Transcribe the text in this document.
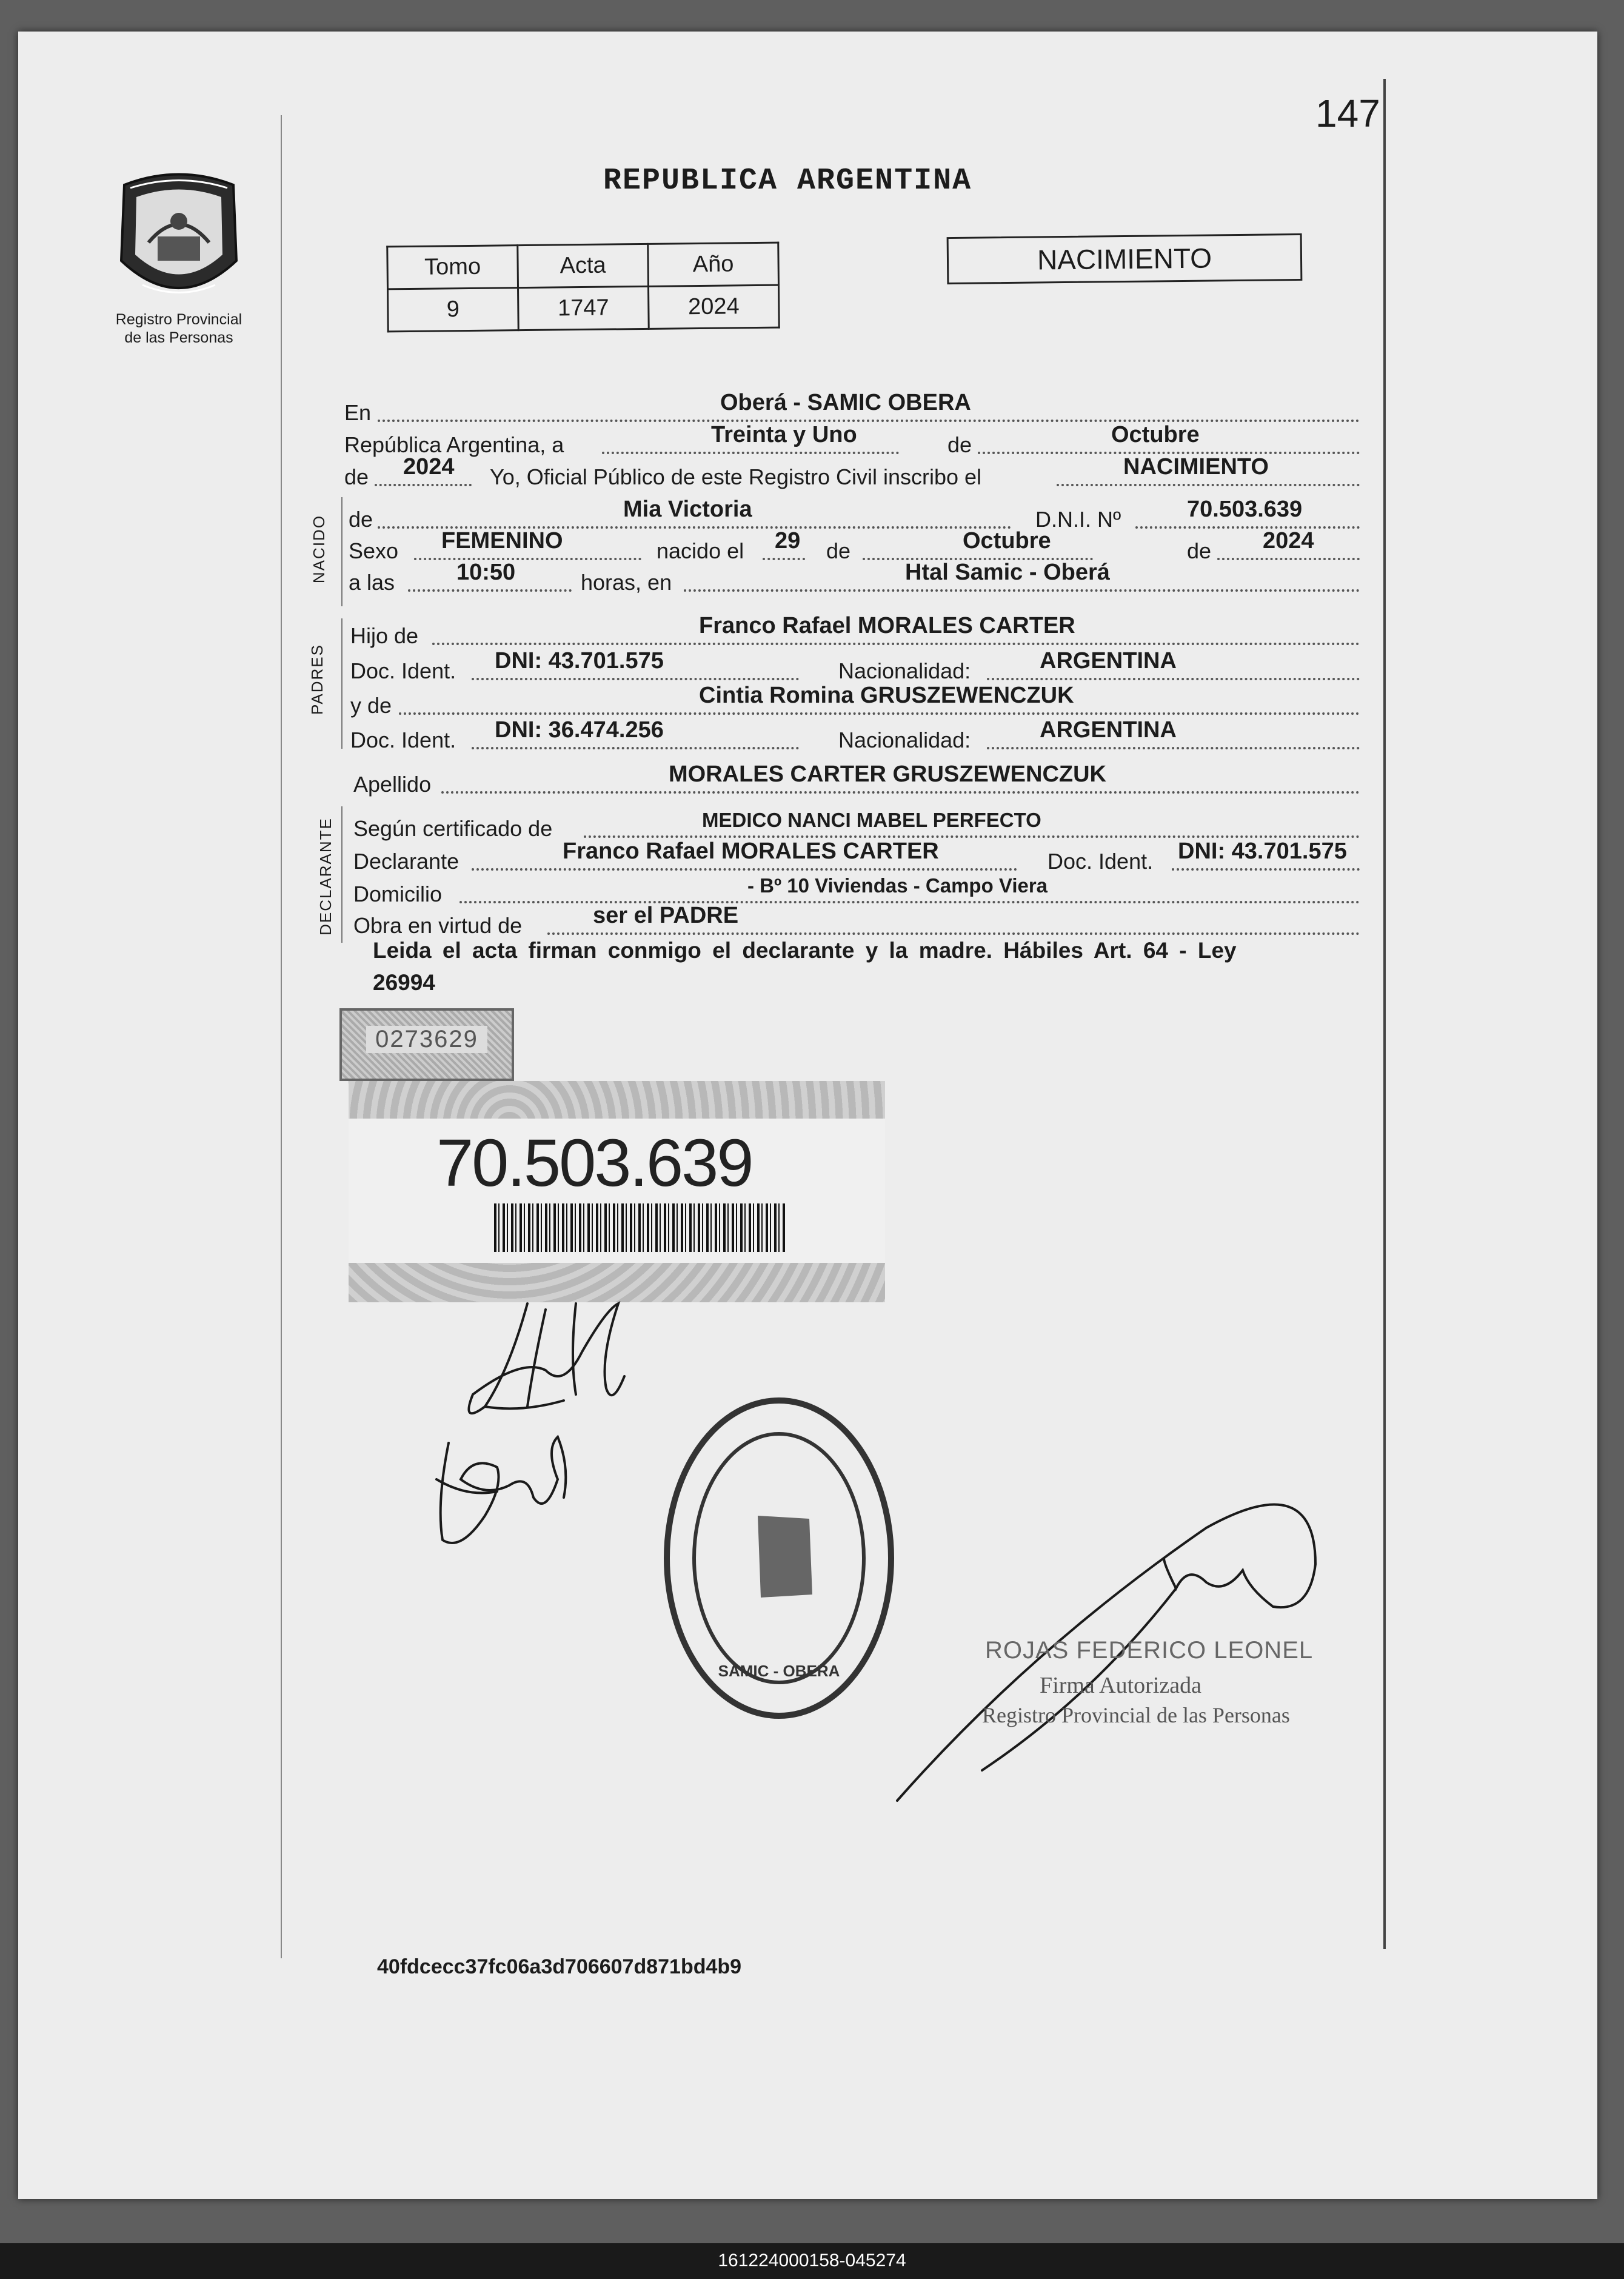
161224000158-045274
147
REPUBLICA ARGENTINA
Registro Provincial
de las Personas
Tomo	Acta	Año
9	1747	2024
NACIMIENTO
En	Oberá - SAMIC OBERA
República Argentina, a	Treinta y Uno	de	Octubre
de 2024 Yo, Oficial Público de este Registro Civil inscribo el	NACIMIENTO
NACIDO de	Mia Victoria	D.N.I. Nº	70.503.639
Sexo FEMENINO	nacido el 29 de	Octubre	de 2024
a las	10:50	horas, en	Htal Samic - Oberá
PADRES
Hijo de	Franco Rafael MORALES CARTER
Doc. Ident. DNI: 43.701.575	Nacionalidad:	ARGENTINA
y de	Cintia Romina GRUSZEWENCZUK
Doc. Ident. DNI: 36.474.256	Nacionalidad:	ARGENTINA
Apellido	MORALES CARTER GRUSZEWENCZUK
DECLARANTE Según certificado de	MEDICO NANCI MABEL PERFECTO
Declarante	Franco Rafael MORALES CARTER	Doc. Ident. DNI: 43.701.575
Domicilio	- Bº 10 Viviendas - Campo Viera
Obra en virtud de	ser el PADRE
Leida el acta firman conmigo el declarante y la madre. Hábiles Art. 64 - Ley
26994
0273629
70.503.639
SAMIC - OBERA
ROJAS FEDERICO LEONEL
Firma Autorizada
Registro Provincial de las Personas
40fdcecc37fc06a3d706607d871bd4b9
